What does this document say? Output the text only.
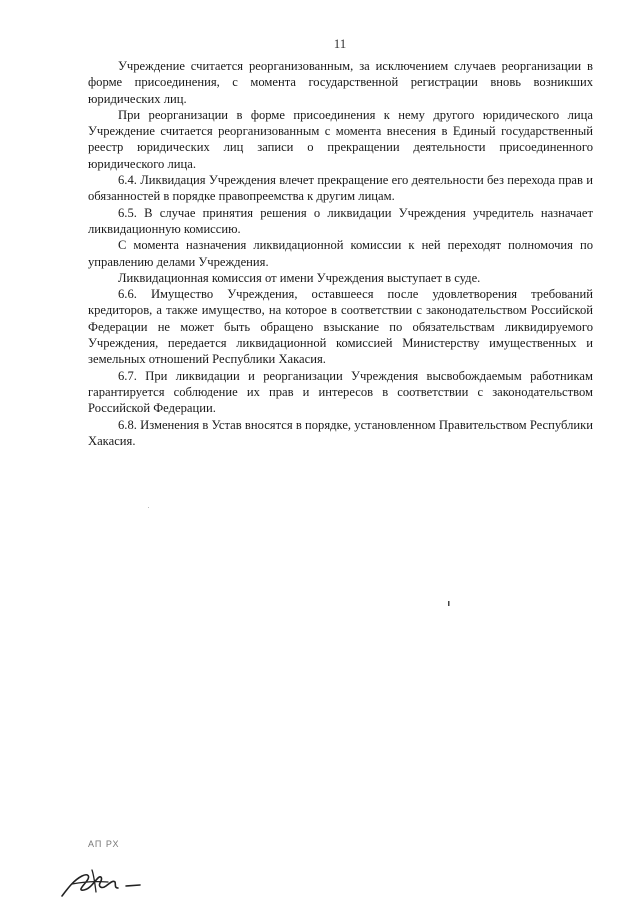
11

Учреждение считается реорганизованным, за исключением случаев реорганизации в форме присоединения, с момента государственной регистрации вновь возникших юридических лиц.

При реорганизации в форме присоединения к нему другого юридического лица Учреждение считается реорганизованным с момента внесения в Единый государственный реестр юридических лиц записи о прекращении деятельности присоединенного юридического лица.

6.4. Ликвидация Учреждения влечет прекращение его деятельности без перехода прав и обязанностей в порядке правопреемства к другим лицам.

6.5. В случае принятия решения о ликвидации Учреждения учредитель назначает ликвидационную комиссию.

С момента назначения ликвидационной комиссии к ней переходят полномочия по управлению делами Учреждения.

Ликвидационная комиссия от имени Учреждения выступает в суде.

6.6. Имущество Учреждения, оставшееся после удовлетворения требований кредиторов, а также имущество, на которое в соответствии с законодательством Российской Федерации не может быть обращено взыскание по обязательствам ликвидируемого Учреждения, передается ликвидационной комиссией Министерству имущественных и земельных отношений Республики Хакасия.

6.7. При ликвидации и реорганизации Учреждения высвобождаемым работникам гарантируется соблюдение их прав и интересов в соответствии с законодательством Российской Федерации.

6.8. Изменения в Устав вносятся в порядке, установленном Правительством Республики Хакасия.

АП РХ
